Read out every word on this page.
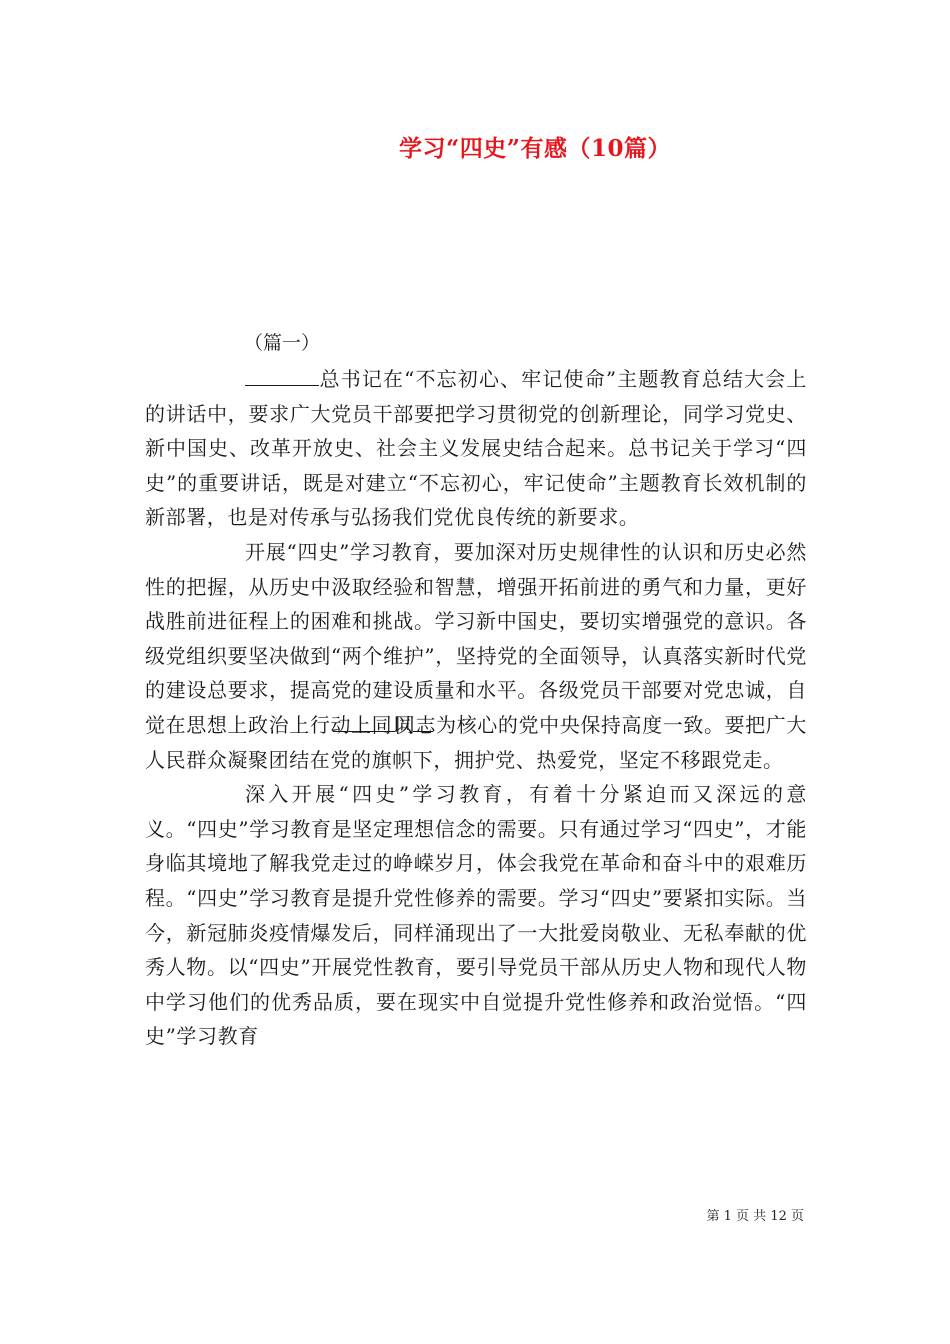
学习“四史”有感（10篇）
（篇一）

总书记在“不忘初心、牢记使命”主题教育总结大会上的讲话中，要求广大党员干部要把学习贯彻党的创新理论，同学习党史、新中国史、改革开放史、社会主义发展史结合起来。总书记关于学习“四史”的重要讲话，既是对建立“不忘初心，牢记使命”主题教育长效机制的新部署，也是对传承与弘扬我们党优良传统的新要求。

开展“四史”学习教育，要加深对历史规律性的认识和历史必然性的把握，从历史中汲取经验和智慧，增强开拓前进的勇气和力量，更好战胜前进征程上的困难和挑战。学习新中国史，要切实增强党的意识。各级党组织要坚决做到“两个维护”，坚持党的全面领导，认真落实新时代党的建设总要求，提高党的建设质量和水平。各级党员干部要对党忠诚，自觉在思想上政治上行动上同以同志为核心的党中央保持高度一致。要把广大人民群众凝聚团结在党的旗帜下，拥护党、热爱党，坚定不移跟党走。

深入开展“四史”学习教育，有着十分紧迫而又深远的意义。“四史”学习教育是坚定理想信念的需要。只有通过学习“四史”，才能身临其境地了解我党走过的峥嵘岁月，体会我党在革命和奋斗中的艰难历程。“四史”学习教育是提升党性修养的需要。学习“四史”要紧扣实际。当今，新冠肺炎疫情爆发后，同样涌现出了一大批爱岗敬业、无私奉献的优秀人物。以“四史”开展党性教育，要引导党员干部从历史人物和现代人物中学习他们的优秀品质，要在现实中自觉提升党性修养和政治觉悟。“四史”学习教育

第 1 页 共 12 页
